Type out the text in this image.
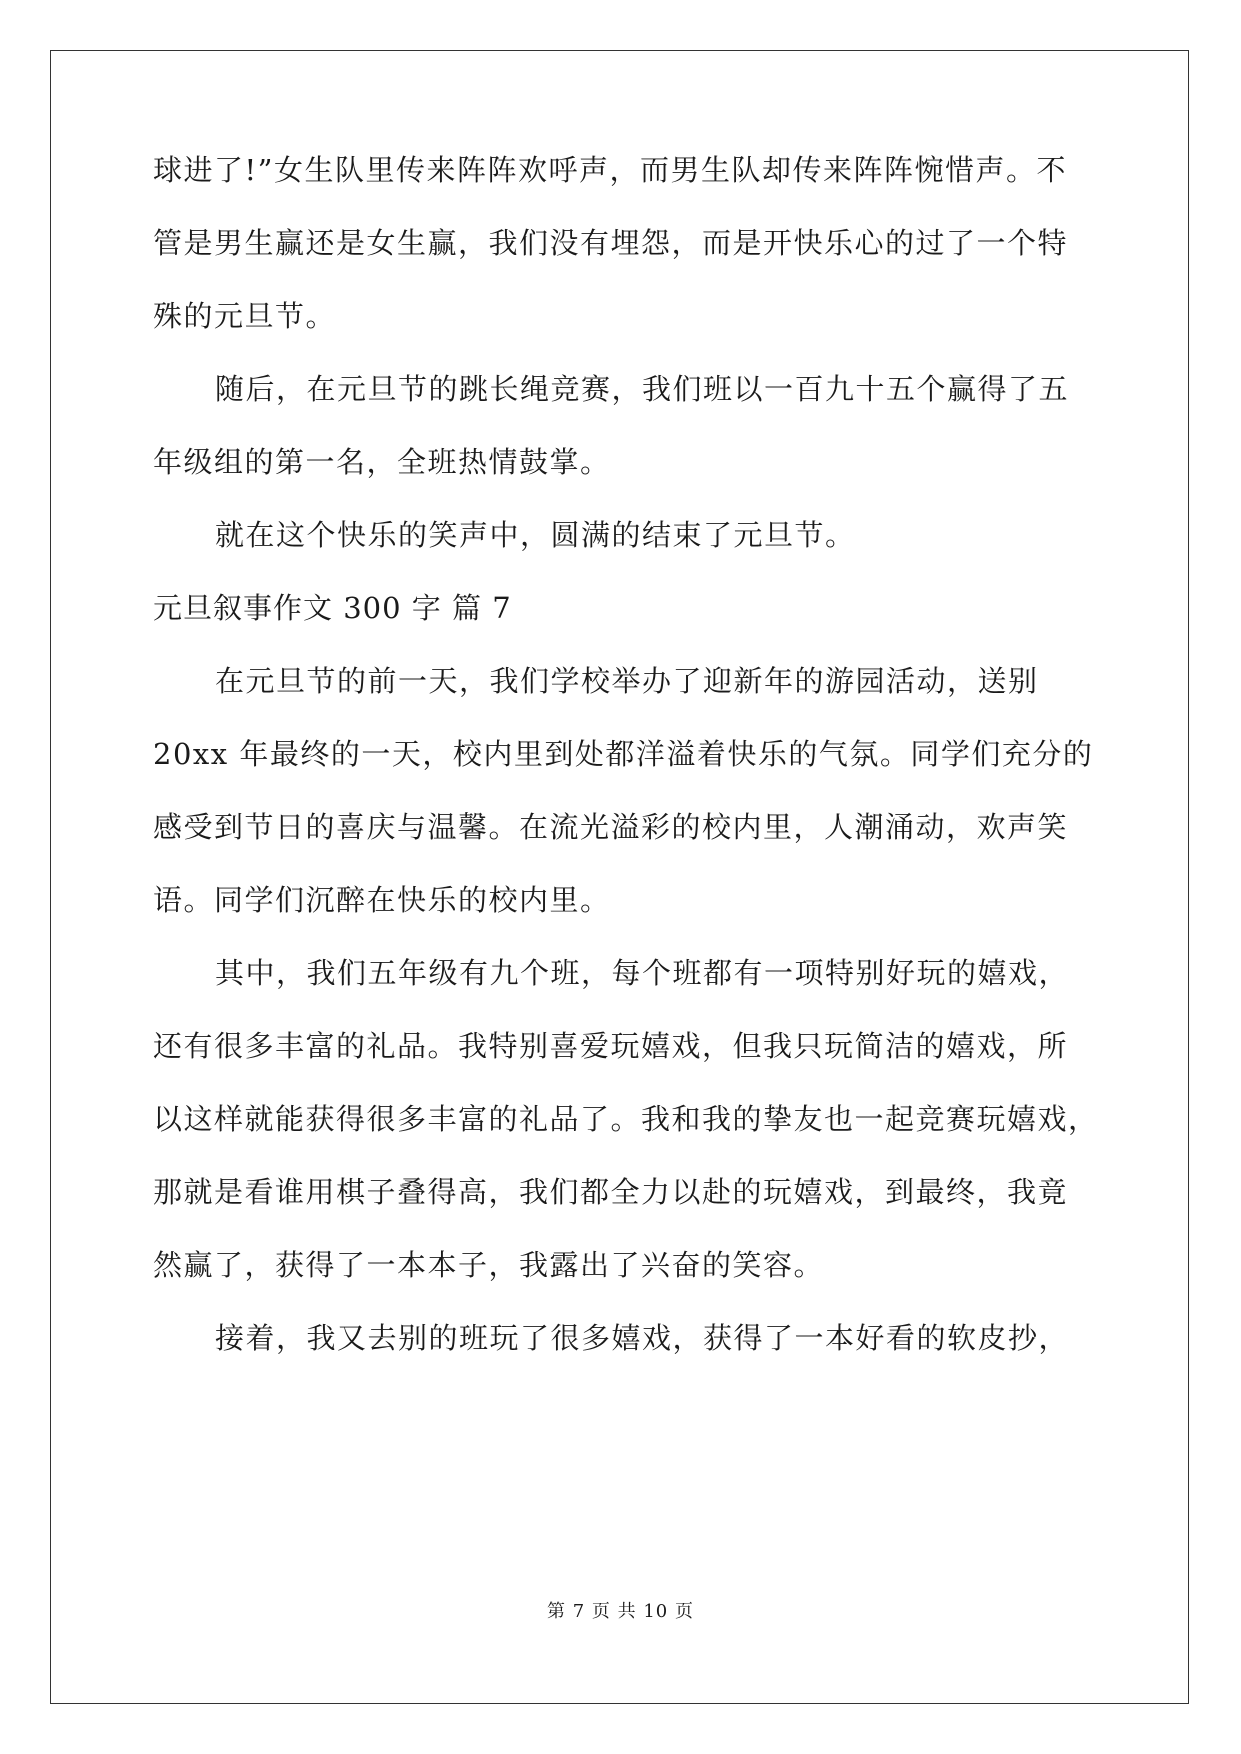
球进了!”女生队里传来阵阵欢呼声，而男生队却传来阵阵惋惜声。不
管是男生赢还是女生赢，我们没有埋怨，而是开快乐心的过了一个特
殊的元旦节。
随后，在元旦节的跳长绳竞赛，我们班以一百九十五个赢得了五
年级组的第一名，全班热情鼓掌。
就在这个快乐的笑声中，圆满的结束了元旦节。
元旦叙事作文 300 字 篇 7
在元旦节的前一天，我们学校举办了迎新年的游园活动，送别
20xx 年最终的一天，校内里到处都洋溢着快乐的气氛。同学们充分的
感受到节日的喜庆与温馨。在流光溢彩的校内里，人潮涌动，欢声笑
语。同学们沉醉在快乐的校内里。
其中，我们五年级有九个班，每个班都有一项特别好玩的嬉戏，
还有很多丰富的礼品。我特别喜爱玩嬉戏，但我只玩简洁的嬉戏，所
以这样就能获得很多丰富的礼品了。我和我的挚友也一起竞赛玩嬉戏，
那就是看谁用棋子叠得高，我们都全力以赴的玩嬉戏，到最终，我竟
然赢了，获得了一本本子，我露出了兴奋的笑容。
接着，我又去别的班玩了很多嬉戏，获得了一本好看的软皮抄，
第 7 页 共 10 页
